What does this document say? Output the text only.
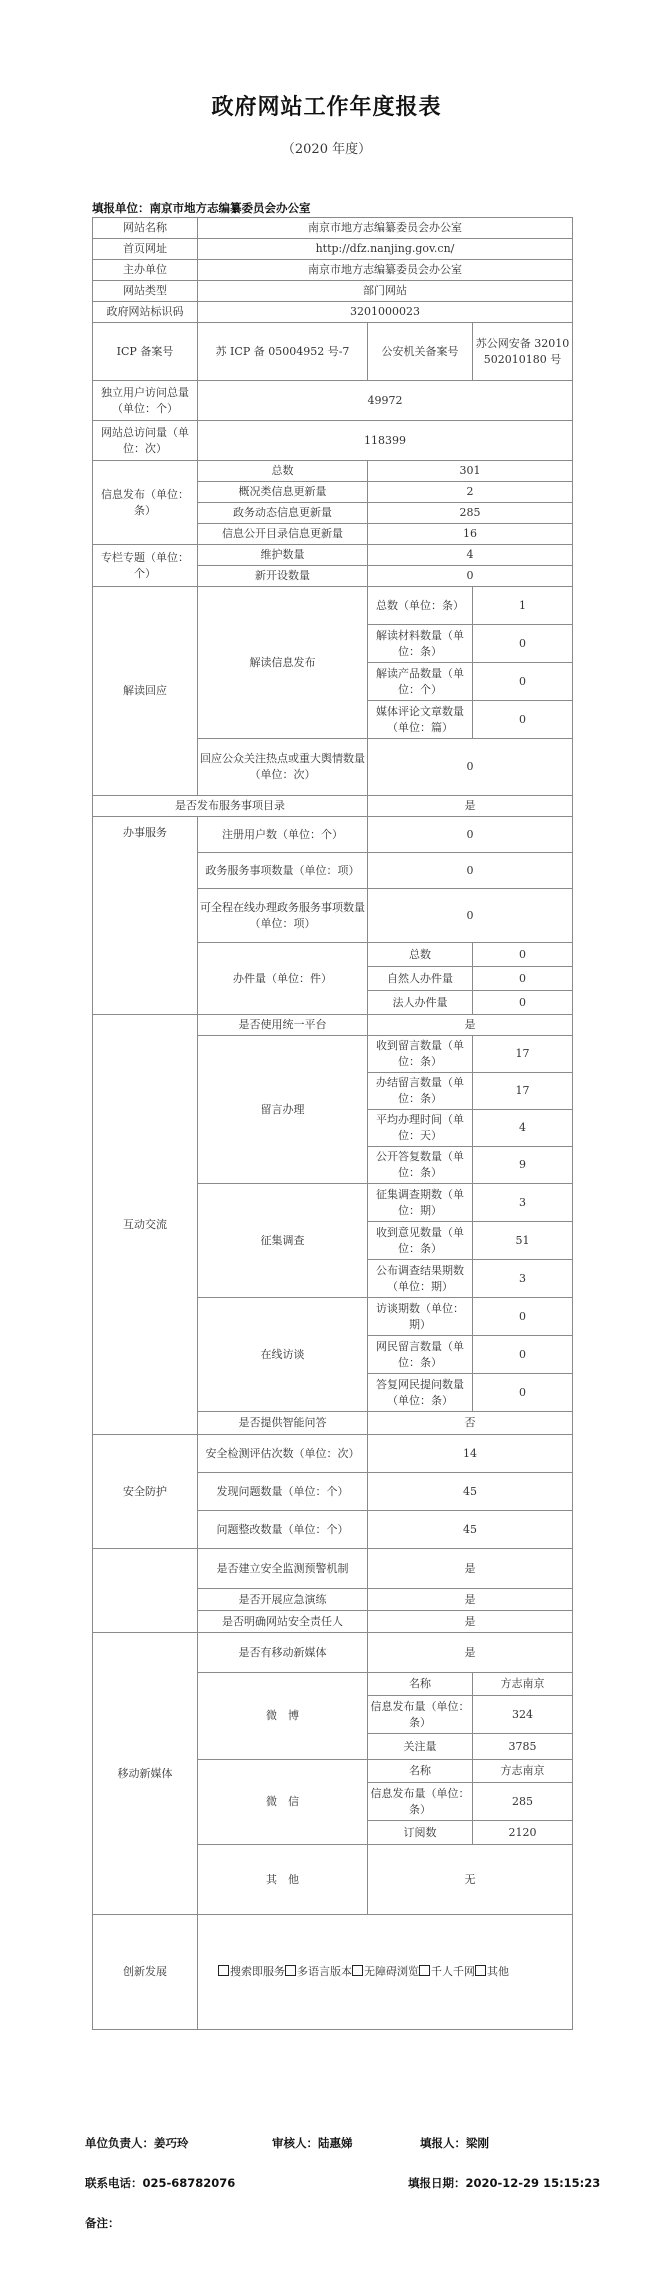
政府网站工作年度报表
（2020 年度）
填报单位：南京市地方志编纂委员会办公室
网站名称	南京市地方志编纂委员会办公室		
首页网址	http://dfz.nanjing.gov.cn/		
主办单位	南京市地方志编纂委员会办公室		
网站类型	部门网站		
政府网站标识码	3201000023		
ICP 备案号	苏 ICP 备 05004952 号-7	公安机关备案号	苏公网安备 32010502010180 号
独立用户访问总量（单位：个）	49972		
网站总访问量（单位：次）	118399		
信息发布（单位：条）	总数	301	
	概况类信息更新量	2	
	政务动态信息更新量	285	
	信息公开目录信息更新量	16	
专栏专题（单位：个）	维护数量	4	
	新开设数量	0	
解读回应	解读信息发布	总数（单位：条）	1
		解读材料数量（单位：条）	0
		解读产品数量（单位：个）	0
		媒体评论文章数量（单位：篇）	0
	回应公众关注热点或重大舆情数量（单位：次）	0	
是否发布服务事项目录		是	
办事服务	注册用户数（单位：个）	0	
	政务服务事项数量（单位：项）	0	
	可全程在线办理政务服务事项数量（单位：项）	0	
	办件量（单位：件）	总数	0
		自然人办件量	0
		法人办件量	0
互动交流	是否使用统一平台	是	
	留言办理	收到留言数量（单位：条）	17
		办结留言数量（单位：条）	17
		平均办理时间（单位：天）	4
		公开答复数量（单位：条）	9
	征集调查	征集调查期数（单位：期）	3
		收到意见数量（单位：条）	51
		公布调查结果期数（单位：期）	3
	在线访谈	访谈期数（单位：期）	0
		网民留言数量（单位：条）	0
		答复网民提问数量（单位：条）	0
	是否提供智能问答	否	
安全防护	安全检测评估次数（单位：次）	14	
	发现问题数量（单位：个）	45	
	问题整改数量（单位：个）	45	
	是否建立安全监测预警机制	是	
	是否开展应急演练	是	
	是否明确网站安全责任人	是	
移动新媒体	是否有移动新媒体	是	
	微　博	名称	方志南京
		信息发布量（单位：条）	324
		关注量	3785
	微　信	名称	方志南京
		信息发布量（单位：条）	285
		订阅数	2120
	其　他	无	
创新发展	搜索即服务 多语言版本 无障碍浏览 千人千网 其他		
单位负责人：姜巧玲	审核人：陆惠娣	填报人：梁刚
联系电话：025-68782076	填报日期：2020-12-29 15:15:23
备注：
